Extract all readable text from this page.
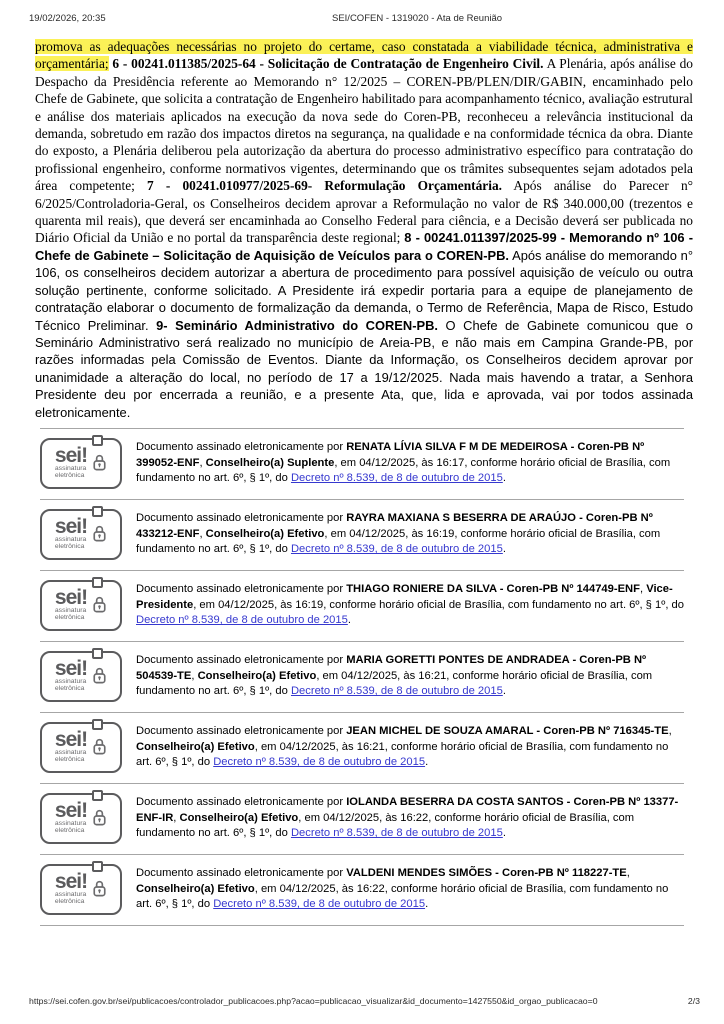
19/02/2026, 20:35	SEI/COFEN - 1319020 - Ata de Reunião

promova as adequações necessárias no projeto do certame, caso constatada a viabilidade técnica, administrativa e orçamentária; 6 - 00241.011385/2025-64 - Solicitação de Contratação de Engenheiro Civil. A Plenária, após análise do Despacho da Presidência referente ao Memorando n° 12/2025 – COREN-PB/PLEN/DIR/GABIN, encaminhado pelo Chefe de Gabinete, que solicita a contratação de Engenheiro habilitado para acompanhamento técnico, avaliação estrutural e análise dos materiais aplicados na execução da nova sede do Coren-PB, reconheceu a relevância institucional da demanda, sobretudo em razão dos impactos diretos na segurança, na qualidade e na conformidade técnica da obra. Diante do exposto, a Plenária deliberou pela autorização da abertura do processo administrativo específico para contratação do profissional engenheiro, conforme normativos vigentes, determinando que os trâmites subsequentes sejam adotados pela área competente; 7 - 00241.010977/2025-69- Reformulação Orçamentária. Após análise do Parecer n° 6/2025/Controladoria-Geral, os Conselheiros decidem aprovar a Reformulação no valor de R$ 340.000,00 (trezentos e quarenta mil reais), que deverá ser encaminhada ao Conselho Federal para ciência, e a Decisão deverá ser publicada no Diário Oficial da União e no portal da transparência deste regional; 8 - 00241.011397/2025-99 - Memorando nº 106 - Chefe de Gabinete – Solicitação de Aquisição de Veículos para o COREN-PB. Após análise do memorando n° 106, os conselheiros decidem autorizar a abertura de procedimento para possível aquisição de veículo ou outra solução pertinente, conforme solicitado. A Presidente irá expedir portaria para a equipe de planejamento de contratação elaborar o documento de formalização da demanda, o Termo de Referência, Mapa de Risco, Estudo Técnico Preliminar. 9- Seminário Administrativo do COREN-PB. O Chefe de Gabinete comunicou que o Seminário Administrativo será realizado no município de Areia-PB, e não mais em Campina Grande-PB, por razões informadas pela Comissão de Eventos. Diante da Informação, os Conselheiros decidem aprovar por unanimidade a alteração do local, no período de 17 a 19/12/2025. Nada mais havendo a tratar, a Senhora Presidente deu por encerrada a reunião, e a presente Ata, que, lida e aprovada, vai por todos assinada eletronicamente.

sei!
assinatura
eletrônica

Documento assinado eletronicamente por RENATA LÍVIA SILVA F M DE MEDEIROSA - Coren-PB Nº 399052-ENF, Conselheiro(a) Suplente, em 04/12/2025, às 16:17, conforme horário oficial de Brasília, com fundamento no art. 6º, § 1º, do Decreto nº 8.539, de 8 de outubro de 2015.

sei!
assinatura
eletrônica

Documento assinado eletronicamente por RAYRA MAXIANA S BESERRA DE ARAÚJO - Coren-PB Nº 433212-ENF, Conselheiro(a) Efetivo, em 04/12/2025, às 16:19, conforme horário oficial de Brasília, com fundamento no art. 6º, § 1º, do Decreto nº 8.539, de 8 de outubro de 2015.

sei!
assinatura
eletrônica

Documento assinado eletronicamente por THIAGO RONIERE DA SILVA - Coren-PB Nº 144749-ENF, Vice-Presidente, em 04/12/2025, às 16:19, conforme horário oficial de Brasília, com fundamento no art. 6º, § 1º, do Decreto nº 8.539, de 8 de outubro de 2015.

sei!
assinatura
eletrônica

Documento assinado eletronicamente por MARIA GORETTI PONTES DE ANDRADEA - Coren-PB Nº 504539-TE, Conselheiro(a) Efetivo, em 04/12/2025, às 16:21, conforme horário oficial de Brasília, com fundamento no art. 6º, § 1º, do Decreto nº 8.539, de 8 de outubro de 2015.

sei!
assinatura
eletrônica

Documento assinado eletronicamente por JEAN MICHEL DE SOUZA AMARAL - Coren-PB Nº 716345-TE, Conselheiro(a) Efetivo, em 04/12/2025, às 16:21, conforme horário oficial de Brasília, com fundamento no art. 6º, § 1º, do Decreto nº 8.539, de 8 de outubro de 2015.

sei!
assinatura
eletrônica

Documento assinado eletronicamente por IOLANDA BESERRA DA COSTA SANTOS - Coren-PB Nº 13377-ENF-IR, Conselheiro(a) Efetivo, em 04/12/2025, às 16:22, conforme horário oficial de Brasília, com fundamento no art. 6º, § 1º, do Decreto nº 8.539, de 8 de outubro de 2015.

sei!
assinatura
eletrônica

Documento assinado eletronicamente por VALDENI MENDES SIMÕES - Coren-PB Nº 118227-TE, Conselheiro(a) Efetivo, em 04/12/2025, às 16:22, conforme horário oficial de Brasília, com fundamento no art. 6º, § 1º, do Decreto nº 8.539, de 8 de outubro de 2015.

https://sei.cofen.gov.br/sei/publicacoes/controlador_publicacoes.php?acao=publicacao_visualizar&id_documento=1427550&id_orgao_publicacao=0	2/3
